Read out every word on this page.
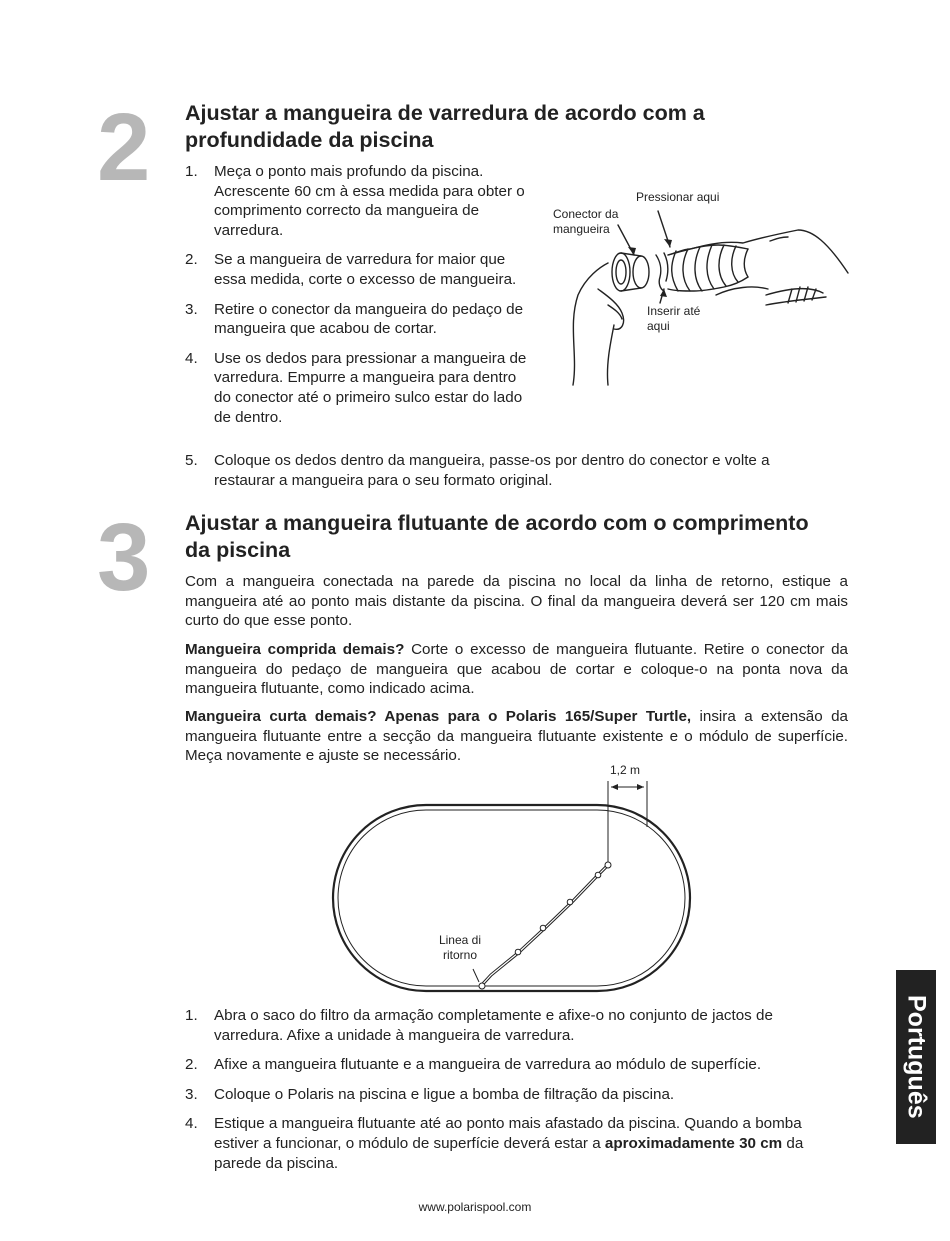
2 Ajustar a mangueira de varredura de acordo com a
profundidade da piscina
1. Meça o ponto mais profundo da piscina. Acrescente 60 cm à essa medida para obter o comprimento correcto da mangueira de varredura.
2. Se a mangueira de varredura for maior que essa medida, corte o excesso de mangueira.
3. Retire o conector da mangueira do pedaço de mangueira que acabou de cortar.
4. Use os dedos para pressionar a mangueira de varredura. Empurre a mangueira para dentro do conector até o primeiro sulco estar do lado de dentro.
5. Coloque os dedos dentro da mangueira, passe-os por dentro do conector e volte a restaurar a mangueira para o seu formato original.
Pressionar aqui
Conector da
mangueira
Inserir até
aqui
3 Ajustar a mangueira flutuante de acordo com o comprimento
da piscina

Com a mangueira conectada na parede da piscina no local da linha de retorno, estique a mangueira até ao ponto mais distante da piscina. O final da mangueira deverá ser 120 cm mais curto do que esse ponto.

Mangueira comprida demais? Corte o excesso de mangueira flutuante. Retire o conector da mangueira do pedaço de mangueira que acabou de cortar e coloque-o na ponta nova da mangueira flutuante, como indicado acima.

Mangueira curta demais? Apenas para o Polaris 165/Super Turtle, insira a extensão da mangueira flutuante entre a secção da mangueira flutuante existente e o módulo de superfície. Meça novamente e ajuste se necessário.

1,2 m
Linea di
ritorno
1. Abra o saco do filtro da armação completamente e afixe-o no conjunto de jactos de varredura. Afixe a unidade à mangueira de varredura.
2. Afixe a mangueira flutuante e a mangueira de varredura ao módulo de superfície.
3. Coloque o Polaris na piscina e ligue a bomba de filtração da piscina.
4. Estique a mangueira flutuante até ao ponto mais afastado da piscina. Quando a bomba estiver a funcionar, o módulo de superfície deverá estar a aproximadamente 30 cm da parede da piscina.
Português
www.polarispool.com
